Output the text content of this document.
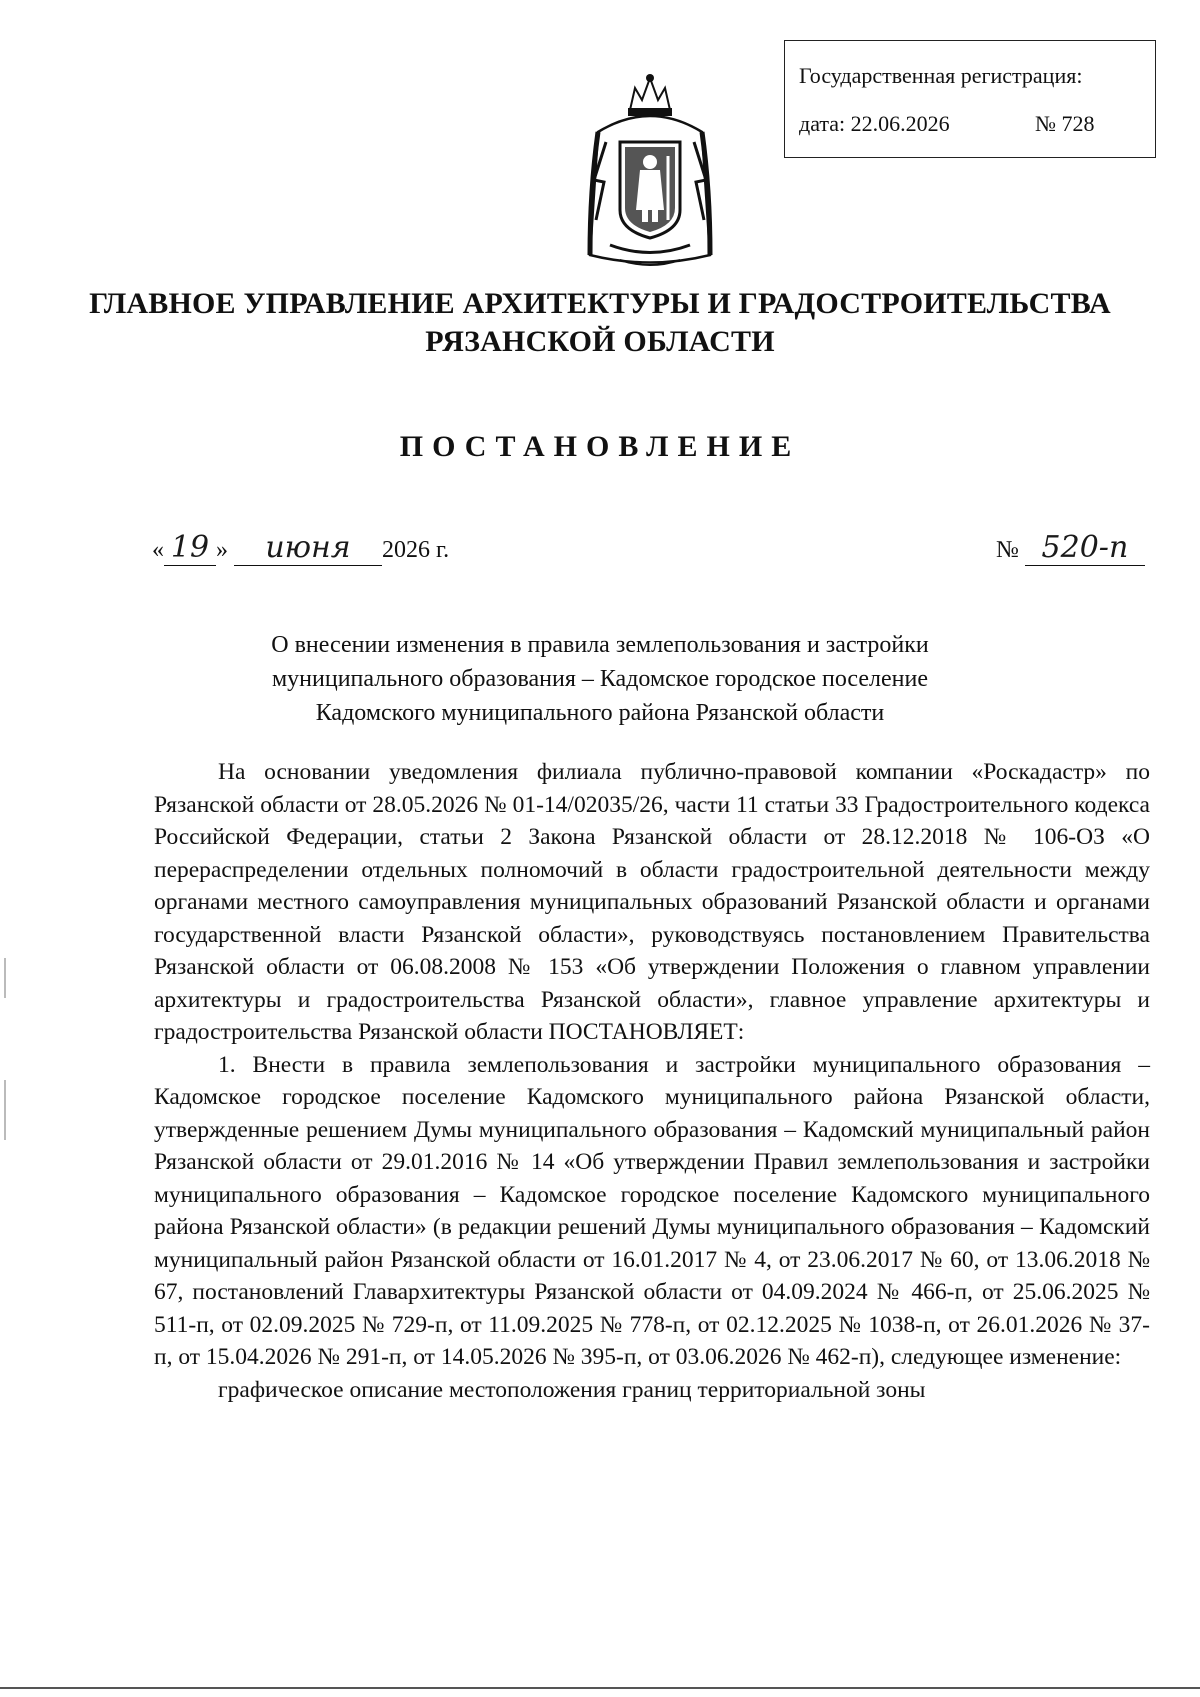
Государственная регистрация:
дата: 22.06.2026	№ 728
ГЛАВНОЕ УПРАВЛЕНИЕ АРХИТЕКТУРЫ И ГРАДОСТРОИТЕЛЬСТВА
РЯЗАНСКОЙ ОБЛАСТИ
ПОСТАНОВЛЕНИЕ
« 19 » июня 2026 г.	№ 520-п
О внесении изменения в правила землепользования и застройки
муниципального образования – Кадомское городское поселение
Кадомского муниципального района Рязанской области

На основании уведомления филиала публично-правовой компании «Роскадастр» по Рязанской области от 28.05.2026 № 01-14/02035/26, части 11 статьи 33 Градостроительного кодекса Российской Федерации, статьи 2 Закона Рязанской области от 28.12.2018 № 106-ОЗ «О перераспределении отдельных полномочий в области градостроительной деятельности между органами местного самоуправления муниципальных образований Рязанской области и органами государственной власти Рязанской области», руководствуясь постановлением Правительства Рязанской области от 06.08.2008 № 153 «Об утверждении Положения о главном управлении архитектуры и градостроительства Рязанской области», главное управление архитектуры и градостроительства Рязанской области ПОСТАНОВЛЯЕТ:

1. Внести в правила землепользования и застройки муниципального образования – Кадомское городское поселение Кадомского муниципального района Рязанской области, утвержденные решением Думы муниципального образования – Кадомский муниципальный район Рязанской области от 29.01.2016 № 14 «Об утверждении Правил землепользования и застройки муниципального образования – Кадомское городское поселение Кадомского муниципального района Рязанской области» (в редакции решений Думы муниципального образования – Кадомский муниципальный район Рязанской области от 16.01.2017 № 4, от 23.06.2017 № 60, от 13.06.2018 № 67, постановлений Главархитектуры Рязанской области от 04.09.2024 № 466-п, от 25.06.2025 № 511-п, от 02.09.2025 № 729-п, от 11.09.2025 № 778-п, от 02.12.2025 № 1038-п, от 26.01.2026 № 37-п, от 15.04.2026 № 291-п, от 14.05.2026 № 395-п, от 03.06.2026 № 462-п), следующее изменение:

графическое описание местоположения границ территориальной зоны
